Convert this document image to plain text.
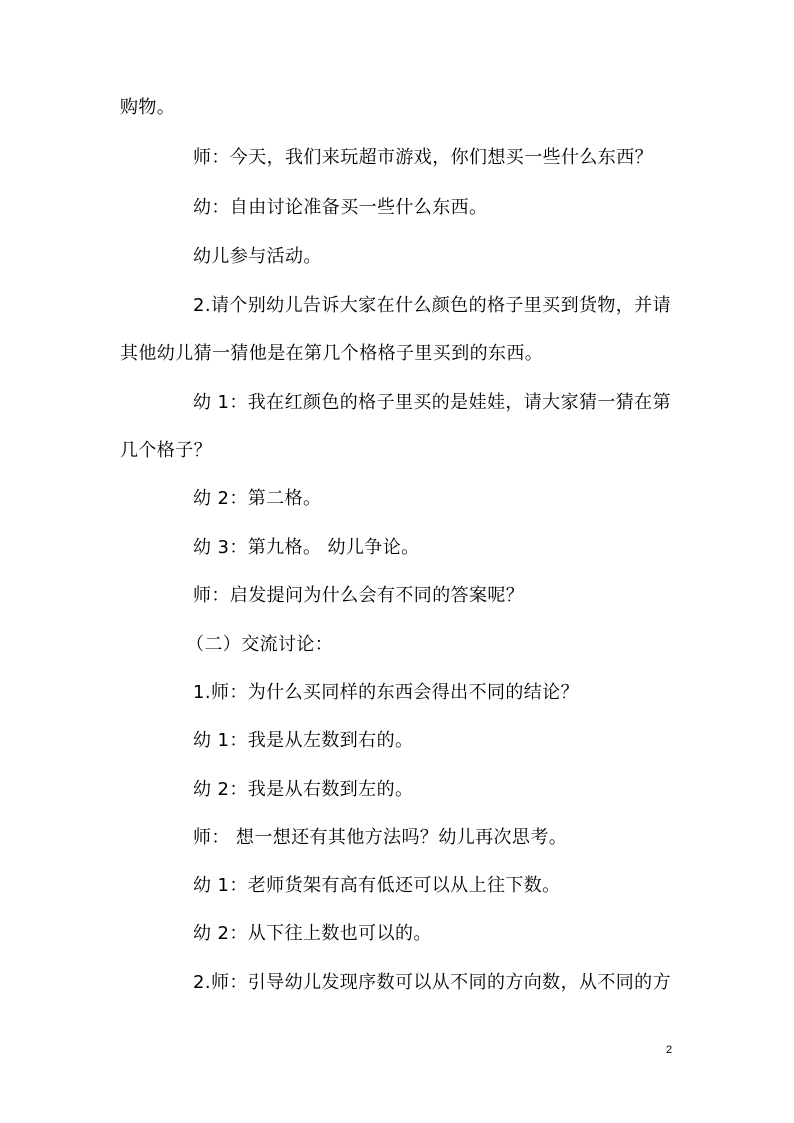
购物。
师：今天，我们来玩超市游戏，你们想买一些什么东西？
幼：自由讨论准备买一些什么东西。
幼儿参与活动。
2.请个别幼儿告诉大家在什么颜色的格子里买到货物，并请
其他幼儿猜一猜他是在第几个格格子里买到的东西。
幼 1：我在红颜色的格子里买的是娃娃，请大家猜一猜在第
几个格子？
幼 2：第二格。
幼 3：第九格。 幼儿争论。
师：启发提问为什么会有不同的答案呢？
（二）交流讨论：
1.师：为什么买同样的东西会得出不同的结论？
幼 1：我是从左数到右的。
幼 2：我是从右数到左的。
师： 想一想还有其他方法吗？幼儿再次思考。
幼 1：老师货架有高有低还可以从上往下数。
幼 2：从下往上数也可以的。
2.师：引导幼儿发现序数可以从不同的方向数，从不同的方
2
